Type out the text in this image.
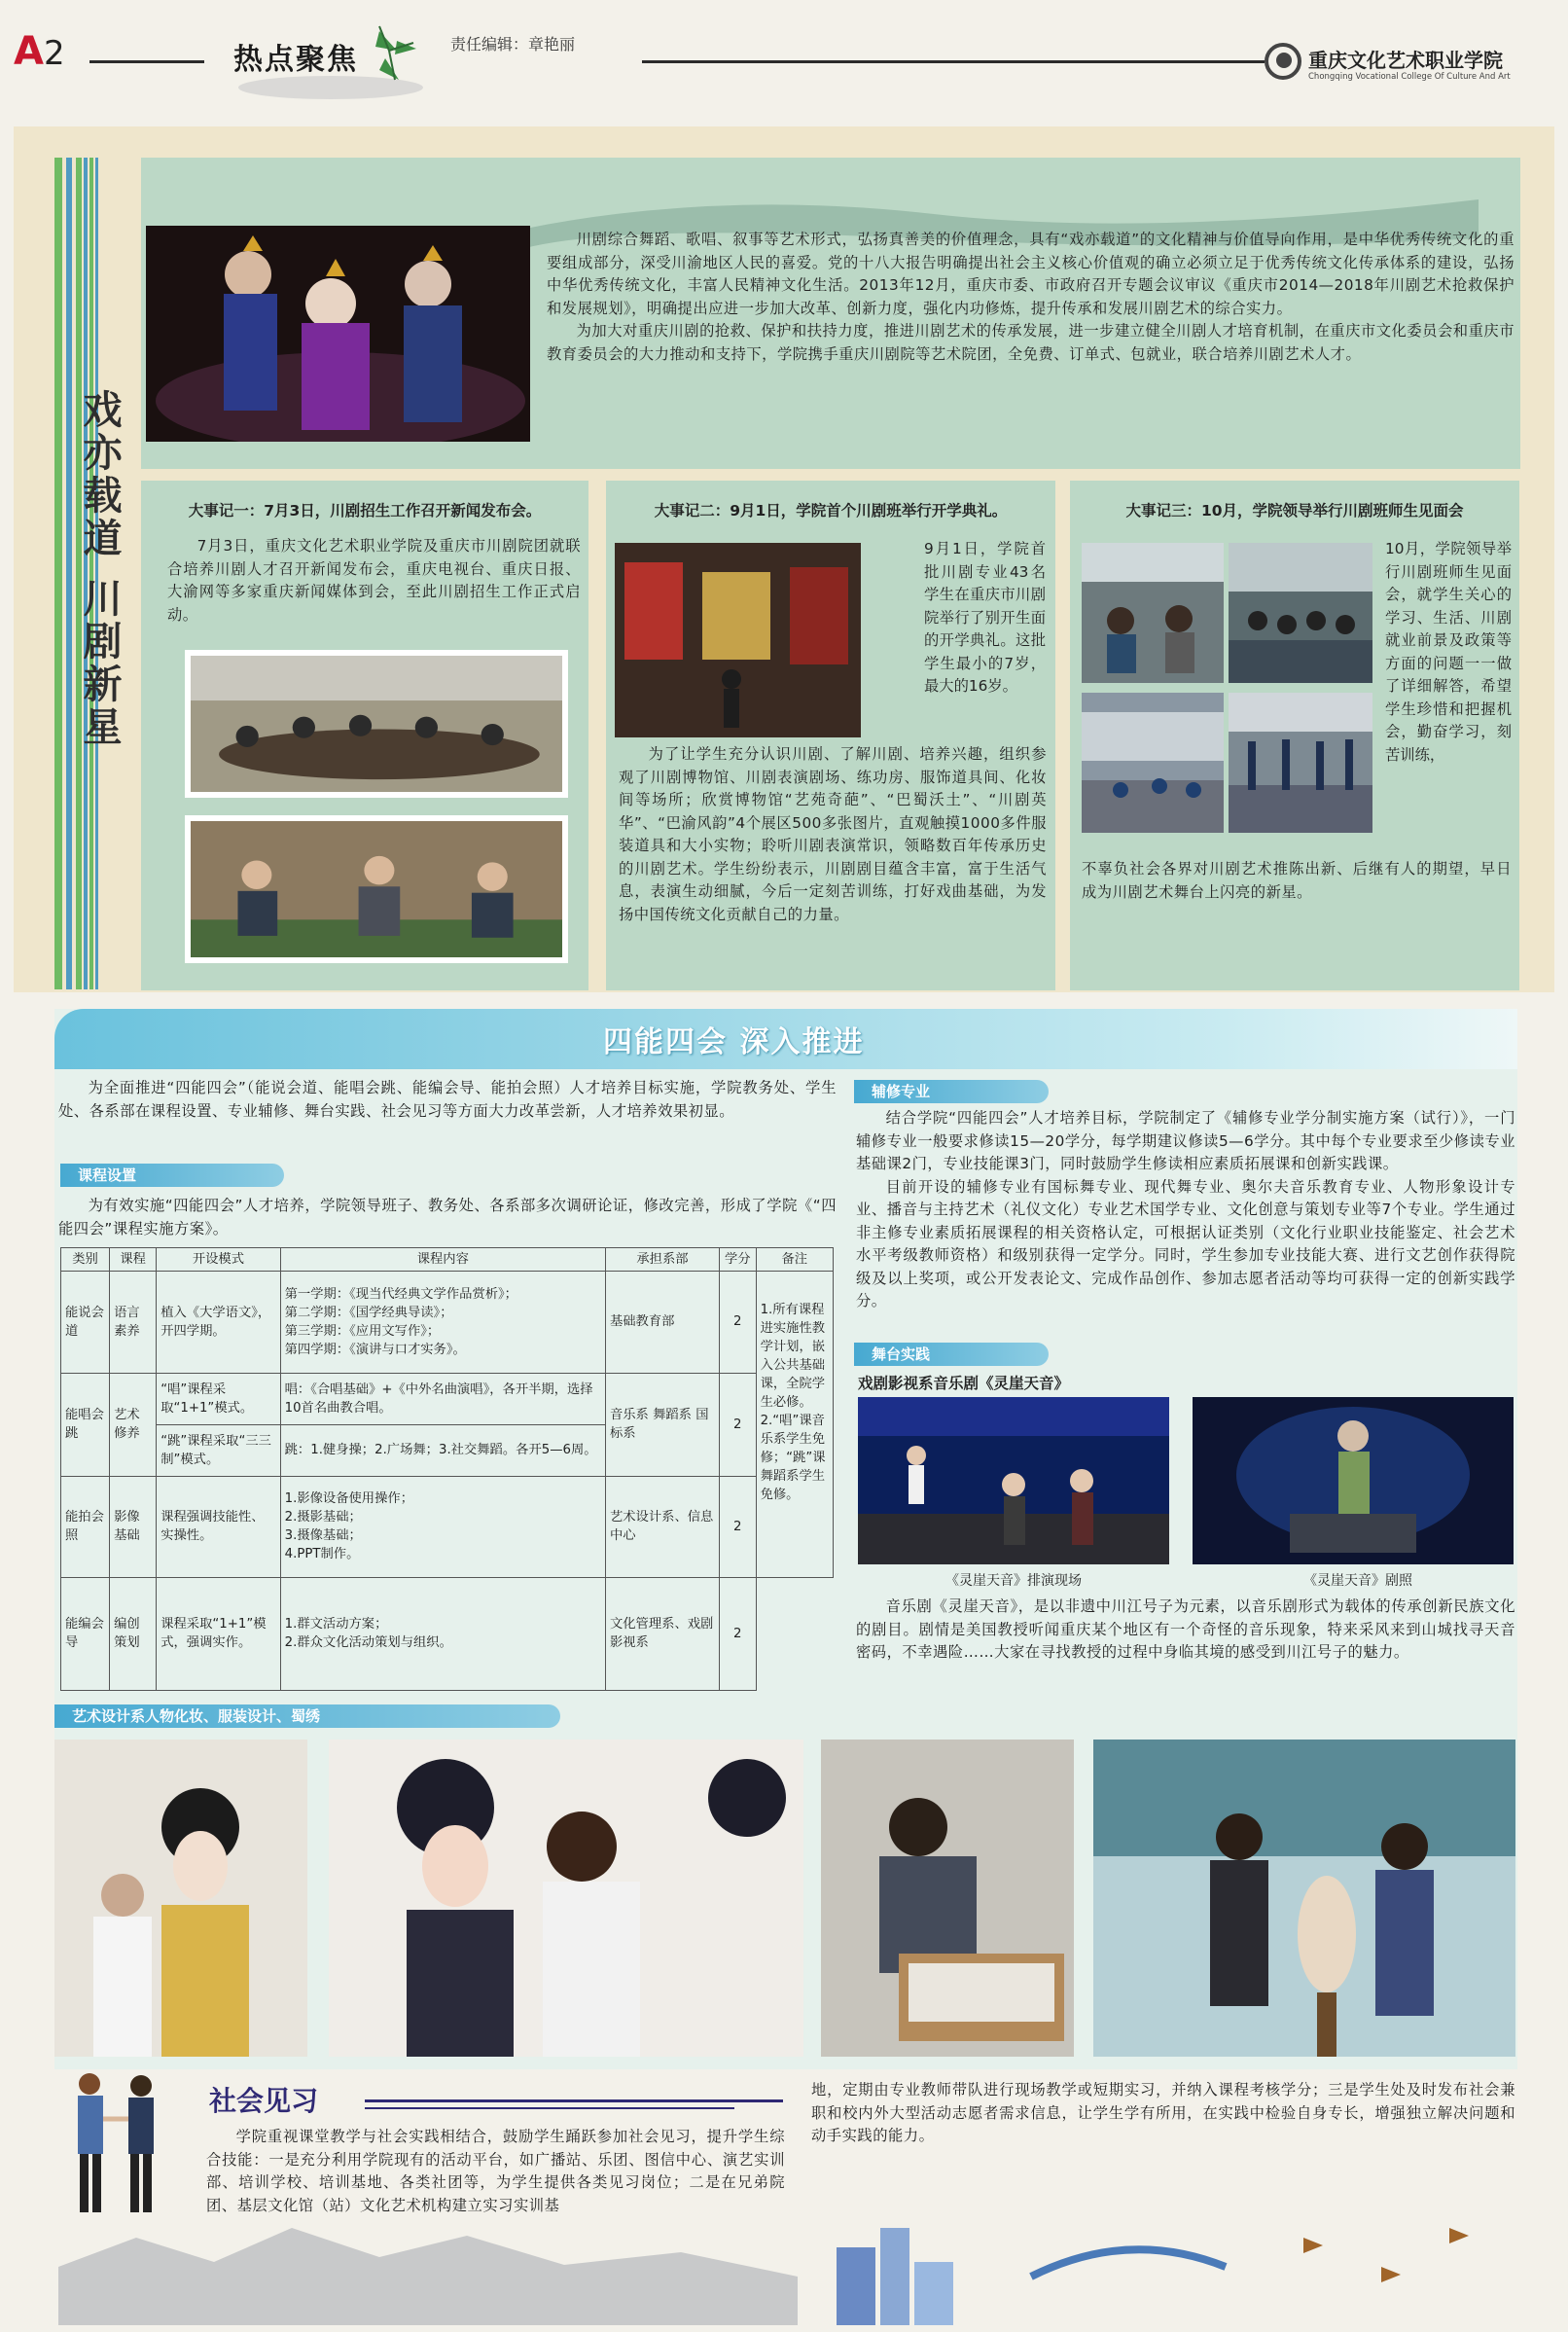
A2	热点聚焦	责任编辑：章艳丽
重庆文化艺术职业学院
Chongqing Vocational College Of Culture And Art
戏亦载道 川剧新星

川剧综合舞蹈、歌唱、叙事等艺术形式，弘扬真善美的价值理念，具有“戏亦载道”的文化精神与价值导向作用，是中华优秀传统文化的重要组成部分，深受川渝地区人民的喜爱。党的十八大报告明确提出社会主义核心价值观的确立必须立足于优秀传统文化传承体系的建设，弘扬中华优秀传统文化，丰富人民精神文化生活。2013年12月，重庆市委、市政府召开专题会议审议《重庆市2014—2018年川剧艺术抢救保护和发展规划》，明确提出应进一步加大改革、创新力度，强化内功修炼，提升传承和发展川剧艺术的综合实力。

为加大对重庆川剧的抢救、保护和扶持力度，推进川剧艺术的传承发展，进一步建立健全川剧人才培育机制，在重庆市文化委员会和重庆市教育委员会的大力推动和支持下，学院携手重庆川剧院等艺术院团，全免费、订单式、包就业，联合培养川剧艺术人才。

大事记一：7月3日，川剧招生工作召开新闻发布会。
7月3日，重庆文化艺术职业学院及重庆市川剧院团就联合培养川剧人才召开新闻发布会，重庆电视台、重庆日报、大渝网等多家重庆新闻媒体到会，至此川剧招生工作正式启动。
大事记二：9月1日，学院首个川剧班举行开学典礼。
9月1日，学院首批川剧专业43名学生在重庆市川剧院举行了别开生面的开学典礼。这批学生最小的7岁，最大的16岁。
为了让学生充分认识川剧、了解川剧、培养兴趣，组织参观了川剧博物馆、川剧表演剧场、练功房、服饰道具间、化妆间等场所；欣赏博物馆“艺苑奇葩”、“巴蜀沃土”、“川剧英华”、“巴渝风韵”4个展区500多张图片，直观触摸1000多件服装道具和大小实物；聆听川剧表演常识，领略数百年传承历史的川剧艺术。学生纷纷表示，川剧剧目蕴含丰富，富于生活气息，表演生动细腻，今后一定刻苦训练，打好戏曲基础，为发扬中国传统文化贡献自己的力量。
大事记三：10月，学院领导举行川剧班师生见面会
10月，学院领导举行川剧班师生见面会，就学生关心的学习、生活、川剧就业前景及政策等方面的问题一一做了详细解答，希望学生珍惜和把握机会，勤奋学习，刻苦训练，
不辜负社会各界对川剧艺术推陈出新、后继有人的期望，早日成为川剧艺术舞台上闪亮的新星。
四能四会 深入推进
为全面推进“四能四会”（能说会道、能唱会跳、能编会导、能拍会照）人才培养目标实施，学院教务处、学生处、各系部在课程设置、专业辅修、舞台实践、社会见习等方面大力改革尝新，人才培养效果初显。
课程设置
为有效实施“四能四会”人才培养，学院领导班子、教务处、各系部多次调研论证，修改完善，形成了学院《“四能四会”课程实施方案》。
类别	课程	开设模式	课程内容	承担系部	学分	备注
能说会道	语言素养	植入《大学语文》，开四学期。	第一学期：《现当代经典文学作品赏析》；
第二学期：《国学经典导读》；
第三学期：《应用文写作》；
第四学期：《演讲与口才实务》。	基础教育部	2	1.所有课程进实施性教学计划，嵌入公共基础课，全院学生必修。2.“唱”课音乐系学生免修；“跳”课舞蹈系学生免修。
能唱会跳	艺术修养	“唱”课程采取“1+1”模式。	唱：《合唱基础》+《中外名曲演唱》，各开半期，选择10首名曲教合唱。	音乐系 舞蹈系 国标系	2	
		“跳”课程采取“三三制”模式。	跳：1.健身操；2.广场舞；3.社交舞蹈。各开5—6周。			
能拍会照	影像基础	课程强调技能性、实操性。	1.影像设备使用操作；
2.摄影基础；
3.摄像基础；
4.PPT制作。	艺术设计系、信息中心	2	
能编会导	编创策划	课程采取“1+1”模式，强调实作。	1.群文活动方案；
2.群众文化活动策划与组织。	文化管理系、戏剧影视系	2	
辅修专业

结合学院“四能四会”人才培养目标，学院制定了《辅修专业学分制实施方案（试行）》，一门辅修专业一般要求修读15—20学分，每学期建议修读5—6学分。其中每个专业要求至少修读专业基础课2门，专业技能课3门，同时鼓励学生修读相应素质拓展课和创新实践课。

目前开设的辅修专业有国标舞专业、现代舞专业、奥尔夫音乐教育专业、人物形象设计专业、播音与主持艺术（礼仪文化）专业艺术国学专业、文化创意与策划专业等7个专业。学生通过非主修专业素质拓展课程的相关资格认定，可根据认证类别（文化行业职业技能鉴定、社会艺术水平考级教师资格）和级别获得一定学分。同时，学生参加专业技能大赛、进行文艺创作获得院级及以上奖项，或公开发表论文、完成作品创作、参加志愿者活动等均可获得一定的创新实践学分。

舞台实践
戏剧影视系音乐剧《灵崖天音》
《灵崖天音》排演现场	《灵崖天音》剧照
音乐剧《灵崖天音》，是以非遗中川江号子为元素，以音乐剧形式为载体的传承创新民族文化的剧目。剧情是美国教授听闻重庆某个地区有一个奇怪的音乐现象，特来采风来到山城找寻天音密码，不幸遇险……大家在寻找教授的过程中身临其境的感受到川江号子的魅力。
艺术设计系人物化妆、服装设计、蜀绣
社会见习
学院重视课堂教学与社会实践相结合，鼓励学生踊跃参加社会见习，提升学生综合技能：一是充分利用学院现有的活动平台，如广播站、乐团、图信中心、演艺实训部、培训学校、培训基地、各类社团等，为学生提供各类见习岗位；二是在兄弟院团、基层文化馆（站）文化艺术机构建立实习实训基
地，定期由专业教师带队进行现场教学或短期实习，并纳入课程考核学分；三是学生处及时发布社会兼职和校内外大型活动志愿者需求信息，让学生学有所用，在实践中检验自身专长，增强独立解决问题和动手实践的能力。
